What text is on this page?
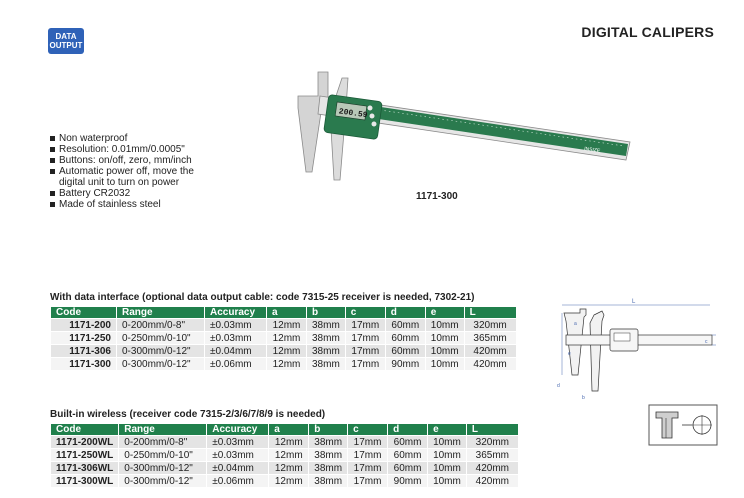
DATA
OUTPUT
DIGITAL CALIPERS
Non waterproof
Resolution: 0.01mm/0.0005"
Buttons: on/off, zero, mm/inch
Automatic power off, move the
digital unit to turn on power
Battery CR2032
Made of stainless steel
INSIZE
200.59
1171-300
With data interface (optional data output cable: code 7315-25 receiver is needed, 7302-21)
Code	Range	Accuracy	a	b	c	d	e	L
1171-200	0-200mm/0-8"	±0.03mm	12mm	38mm	17mm	60mm	10mm	320mm
1171-250	0-250mm/0-10"	±0.03mm	12mm	38mm	17mm	60mm	10mm	365mm
1171-306	0-300mm/0-12"	±0.04mm	12mm	38mm	17mm	60mm	10mm	420mm
1171-300	0-300mm/0-12"	±0.06mm	12mm	38mm	17mm	90mm	10mm	420mm
Built-in wireless (receiver code 7315-2/3/6/7/8/9 is needed)
Code	Range	Accuracy	a	b	c	d	e	L
1171-200WL	0-200mm/0-8"	±0.03mm	12mm	38mm	17mm	60mm	10mm	320mm
1171-250WL	0-250mm/0-10"	±0.03mm	12mm	38mm	17mm	60mm	10mm	365mm
1171-306WL	0-300mm/0-12"	±0.04mm	12mm	38mm	17mm	60mm	10mm	420mm
1171-300WL	0-300mm/0-12"	±0.06mm	12mm	38mm	17mm	90mm	10mm	420mm
L
c
d
a
b
e
